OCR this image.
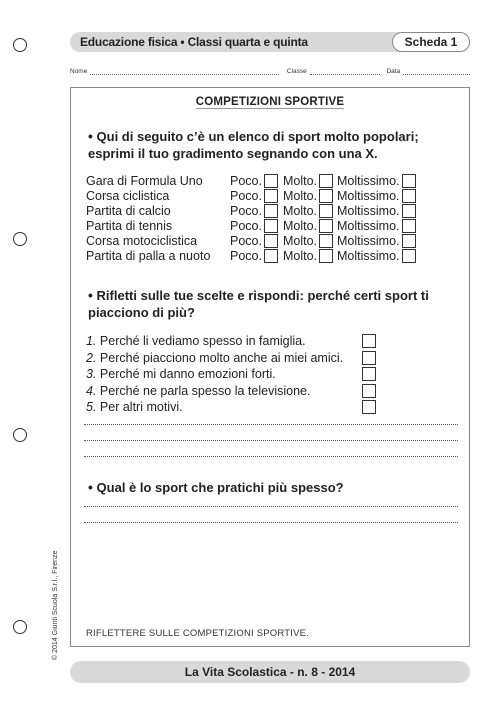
© 2014 Giunti Scuola S.r.l., Firenze
Educazione fisica • Classi quarta e quinta	Scheda 1
Nome	Classe	Data
COMPETIZIONI SPORTIVE
• Qui di seguito c’è un elenco di sport molto popolari; esprimi il tuo gradimento segnando con una X.
Gara di Formula Uno	Poco. Molto. Moltissimo.
Corsa ciclistica	Poco. Molto. Moltissimo.
Partita di calcio	Poco. Molto. Moltissimo.
Partita di tennis	Poco. Molto. Moltissimo.
Corsa motociclistica	Poco. Molto. Moltissimo.
Partita di palla a nuoto	Poco. Molto. Moltissimo.
• Rifletti sulle tue scelte e rispondi: perché certi sport ti piacciono di più?
1. Perché li vediamo spesso in famiglia.
2. Perché piacciono molto anche ai miei amici.
3. Perché mi danno emozioni forti.
4. Perché ne parla spesso la televisione.
5. Per altri motivi.
• Qual è lo sport che pratichi più spesso?
RIFLETTERE SULLE COMPETIZIONI SPORTIVE.
La Vita Scolastica - n. 8 - 2014
